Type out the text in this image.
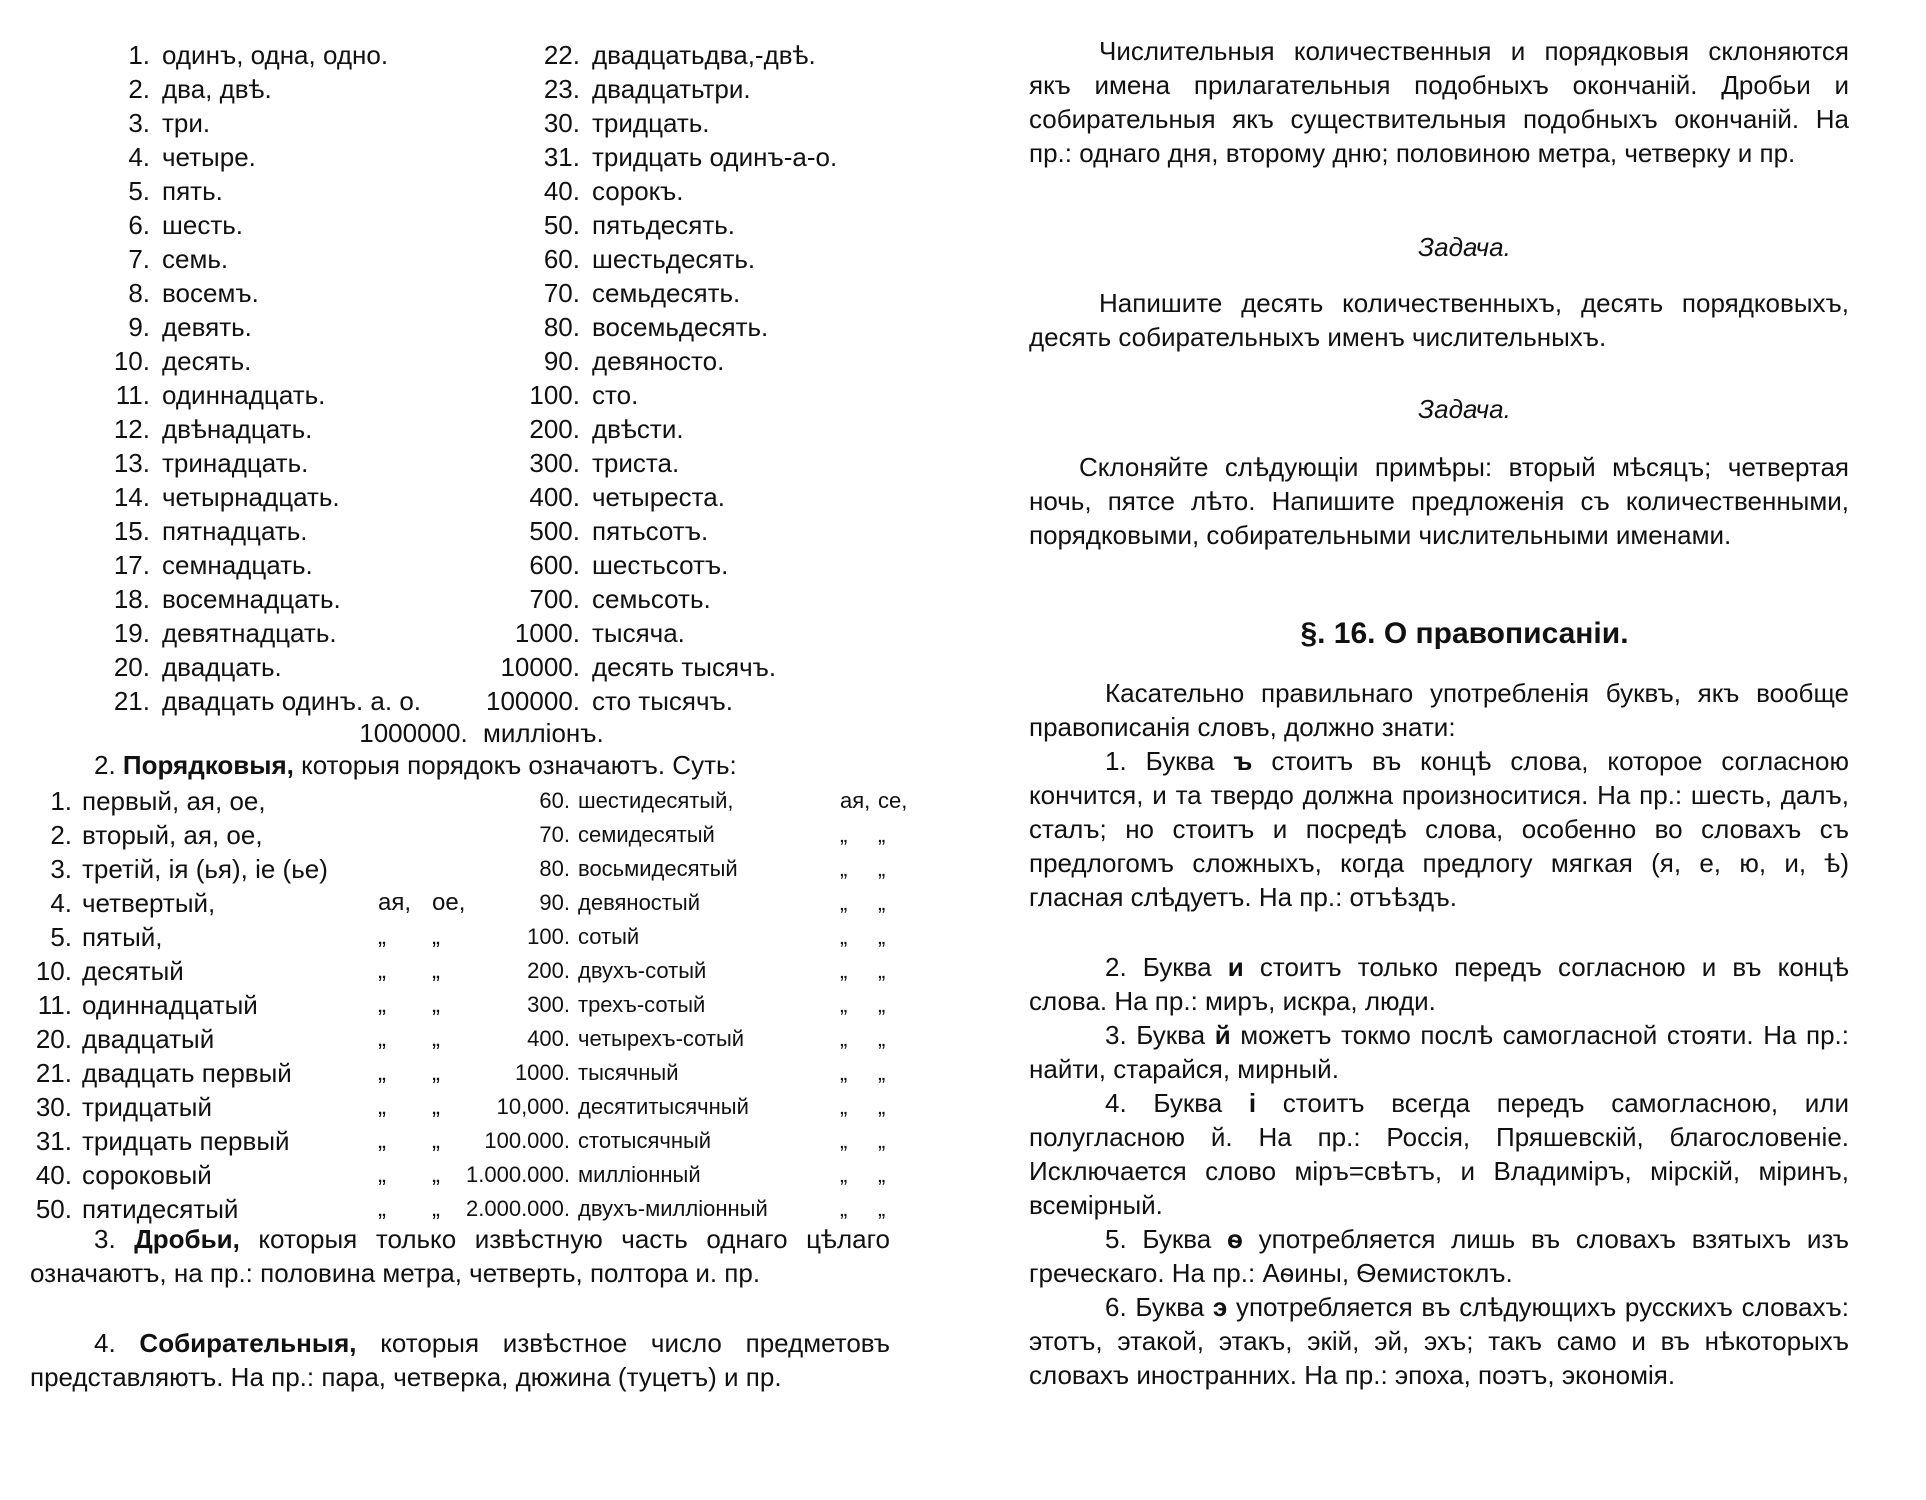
1. одинъ, одна, одно.
2. два, двѣ.
3. три.
4. четыре.
5. пять.
6. шесть.
7. семь.
8. восемъ.
9. девять.
10. десять.
11. одиннадцать.
12. двѣнадцать.
13. тринадцать.
14. четырнадцать.
15. пятнадцать.
17. семнадцать.
18. восемнадцать.
19. девятнадцать.
20. двадцать.
21. двадцать одинъ. а. о.
22. двадцатьдва,-двѣ.
23. двадцатьтри.
30. тридцать.
31. тридцать одинъ-а-о.
40. сорокъ.
50. пятьдесять.
60. шестьдесять.
70. семьдесять.
80. восемьдесять.
90. девяносто.
100. сто.
200. двѣсти.
300. триста.
400. четыреста.
500. пятьсотъ.
600. шестьсотъ.
700. семьсоть.
1000. тысяча.
10000. десять тысячъ.
100000. сто тысячъ.
1000000. милліонъ.
2. Порядковыя, которыя порядокъ означаютъ. Суть:
1. первый, ая, ое,
2. вторый, ая, ое,
3. третій, ія (ья), іе (ье)
4. четвертый,	ая, ое,
5. пятый,	„ „
10. десятый	„ „
11. одиннадцатый	„ „
20. двадцатый	„ „
21. двадцать первый	„ „
30. тридцатый	„ „
31. тридцать первый	„ „
40. сороковый	„ „
50. пятидесятый	„ „
60. шестидесятый,	ая, се,
70. семидесятый	„ „
80. восьмидесятый	„ „
90. девяностый	„ „
100. сотый	„ „
200. двухъ-сотый	„ „
300. трехъ-сотый	„ „
400. четырехъ-сотый	„ „
1000. тысячный	„ „
10,000. десятитысячный	„ „
100.000. стотысячный	„ „
1.000.000. милліонный	„ „
2.000.000. двухъ-милліонный	„ „
3. Дробьи, которыя только извѣстную часть однаго цѣлаго означаютъ, на пр.: половина метра, четверть, полтора и. пр.
4. Собирательныя, которыя извѣстное число предметовъ представляютъ. На пр.: пара, четверка, дюжина (туцетъ) и пр.
Числительныя количественныя и порядковыя склоняются якъ имена прилагательныя подобныхъ окончаній. Дробьи и собирательныя якъ существительныя подобныхъ окончаній. На пр.: однаго дня, второму дню; половиною метра, четверку и пр.
Задача.
Напишите десять количественныхъ, десять порядковыхъ, десять собирательныхъ именъ числительныхъ.
Задача.
Склоняйте слѣдующіи примѣры: вторый мѣсяцъ; четвертая ночь, пятсе лѣто. Напишите предложенія съ количественными, порядковыми, собирательными числительными именами.
§. 16. О правописаніи.
Касательно правильнаго употребленія буквъ, якъ вообще правописанія словъ, должно знати:
1. Буква ъ стоитъ въ концѣ слова, которое согласною кончится, и та твердо должна произноситися. На пр.: шесть, далъ, сталъ; но стоитъ и посредѣ слова, особенно во словахъ съ предлогомъ сложныхъ, когда предлогу мягкая (я, е, ю, и, ѣ) гласная слѣдуетъ. На пр.: отъѣздъ.
2. Буква и стоитъ только передъ согласною и въ концѣ слова. На пр.: миръ, искра, люди.
3. Буква й можетъ токмо послѣ самогласной стояти. На пр.: найти, старайся, мирный.
4. Буква і стоитъ всегда передъ самогласною, или полугласною й. На пр.: Россія, Пряшевскій, благословеніе. Исключается слово міръ=свѣтъ, и Владиміръ, мірскій, міринъ, всемірный.
5. Буква ѳ употребляется лишь въ словахъ взятыхъ изъ греческаго. На пр.: Аѳины, Ѳемистоклъ.
6. Буква э употребляется въ слѣдующихъ русскихъ словахъ: этотъ, этакой, этакъ, экій, эй, эхъ; такъ само и въ нѣкоторыхъ словахъ иностранних. На пр.: эпоха, поэтъ, экономія.
